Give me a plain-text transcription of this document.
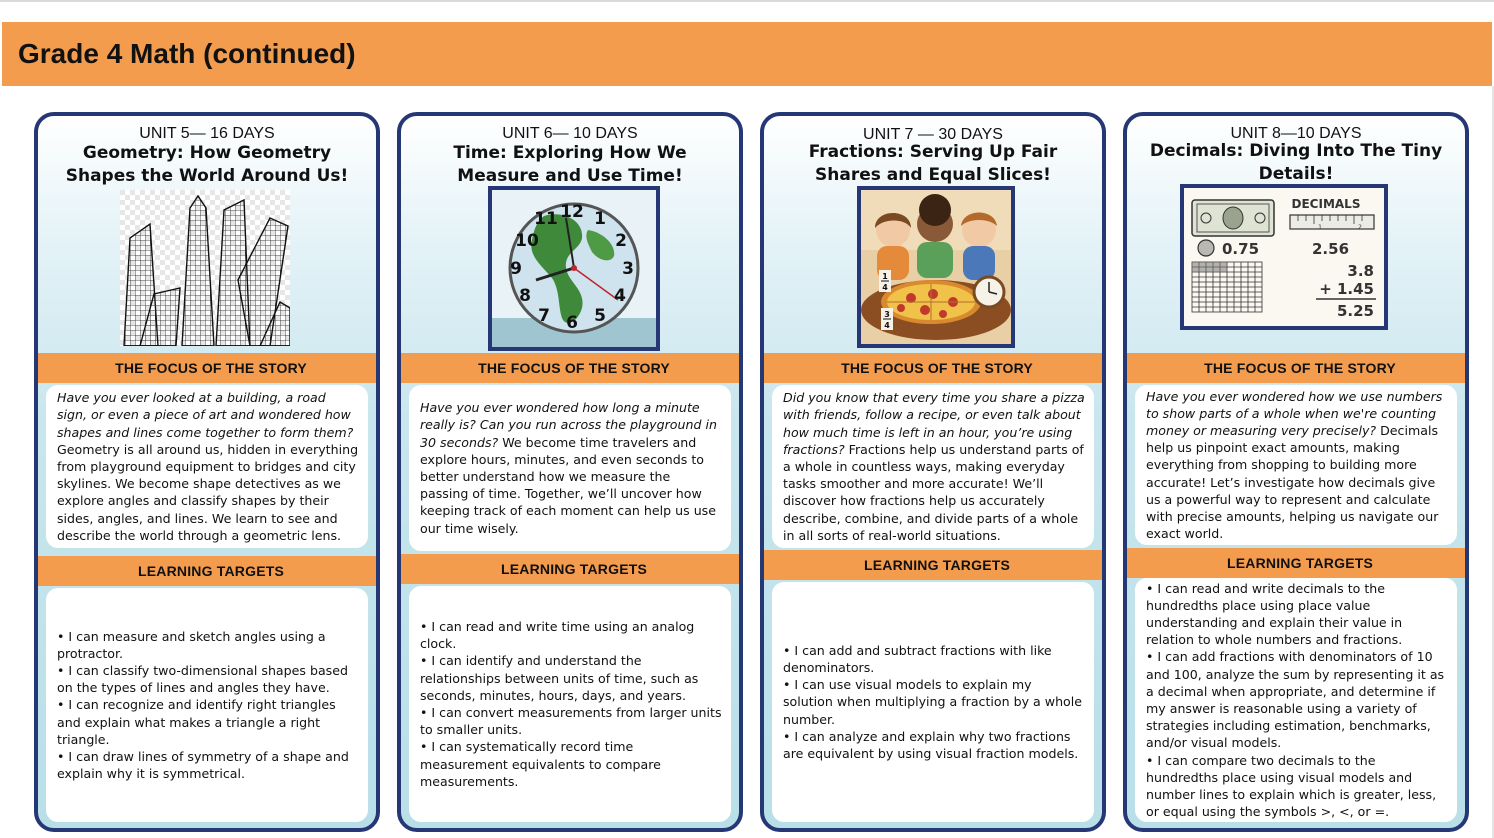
Grade 4 Math (continued)
UNIT 5— 16 DAYS
Geometry: How Geometry Shapes the World Around Us!
THE FOCUS OF THE STORY
Have you ever looked at a building, a road sign, or even a piece of art and wondered how shapes and lines come together to form them? Geometry is all around us, hidden in everything from playground equipment to bridges and city skylines. We become shape detectives as we explore angles and classify shapes by their sides, angles, and lines. We learn to see and describe the world through a geometric lens.
LEARNING TARGETS
• I can measure and sketch angles using a protractor.
• I can classify two-dimensional shapes based on the types of lines and angles they have.
• I can recognize and identify right triangles and explain what makes a triangle a right triangle.
• I can draw lines of symmetry of a shape and explain why it is symmetrical.
UNIT 6— 10 DAYS
Time: Exploring How We Measure and Use Time!
12 1
2
3
4
5
6
7
8
9
10
11
THE FOCUS OF THE STORY
Have you ever wondered how long a minute really is? Can you run across the playground in 30 seconds? We become time travelers and explore hours, minutes, and even seconds to better understand how we measure the passing of time. Together, we’ll uncover how keeping track of each moment can help us use our time wisely.
LEARNING TARGETS
• I can read and write time using an analog clock.
• I can identify and understand the relationships between units of time, such as seconds, minutes, hours, days, and years.
• I can convert measurements from larger units to smaller units.
• I can systematically record time measurement equivalents to compare measurements.
UNIT 7 — 30 DAYS
Fractions: Serving Up Fair Shares and Equal Slices!
1
4
3
4
THE FOCUS OF THE STORY
Did you know that every time you share a pizza with friends, follow a recipe, or even talk about how much time is left in an hour, you’re using fractions? Fractions help us understand parts of a whole in countless ways, making everyday tasks smoother and more accurate! We’ll discover how fractions help us accurately describe, combine, and divide parts of a whole in all sorts of real-world situations.
LEARNING TARGETS
• I can add and subtract fractions with like denominators.
• I can use visual models to explain my solution when multiplying a fraction by a whole number.
• I can analyze and explain why two fractions are equivalent by using visual fraction models.
UNIT 8—10 DAYS
Decimals: Diving Into The Tiny Details!
DECIMALS
1	2
0.75	2.56
3.8
+ 1.45
5.25
THE FOCUS OF THE STORY
Have you ever wondered how we use numbers to show parts of a whole when we're counting money or measuring very precisely? Decimals help us pinpoint exact amounts, making everything from shopping to building more accurate! Let’s investigate how decimals give us a powerful way to represent and calculate with precise amounts, helping us navigate our exact world.
LEARNING TARGETS
• I can read and write decimals to the hundredths place using place value understanding and explain their value in relation to whole numbers and fractions.
• I can add fractions with denominators of 10 and 100, analyze the sum by representing it as a decimal when appropriate, and determine if my answer is reasonable using a variety of strategies including estimation, benchmarks, and/or visual models.
• I can compare two decimals to the hundredths place using visual models and number lines to explain which is greater, less, or equal using the symbols >, <, or =.
